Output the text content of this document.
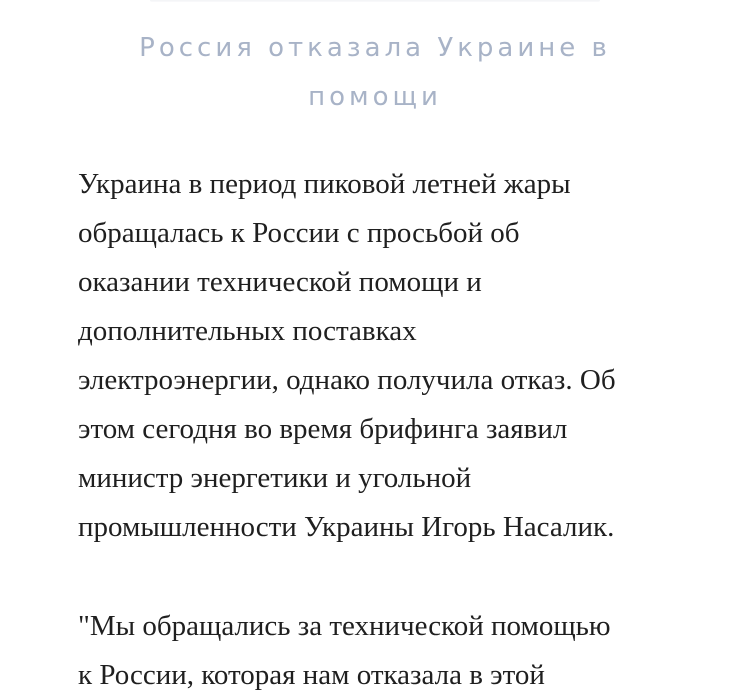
Россия отказала Украине в
помощи

Украина в период пиковой летней жары
обращалась к России с просьбой об
оказании технической помощи и
дополнительных поставках
электроэнергии, однако получила отказ. Об
этом сегодня во время брифинга заявил
министр энергетики и угольной
промышленности Украины Игорь Насалик.

"Мы обращались за технической помощью
к России, которая нам отказала в этой
